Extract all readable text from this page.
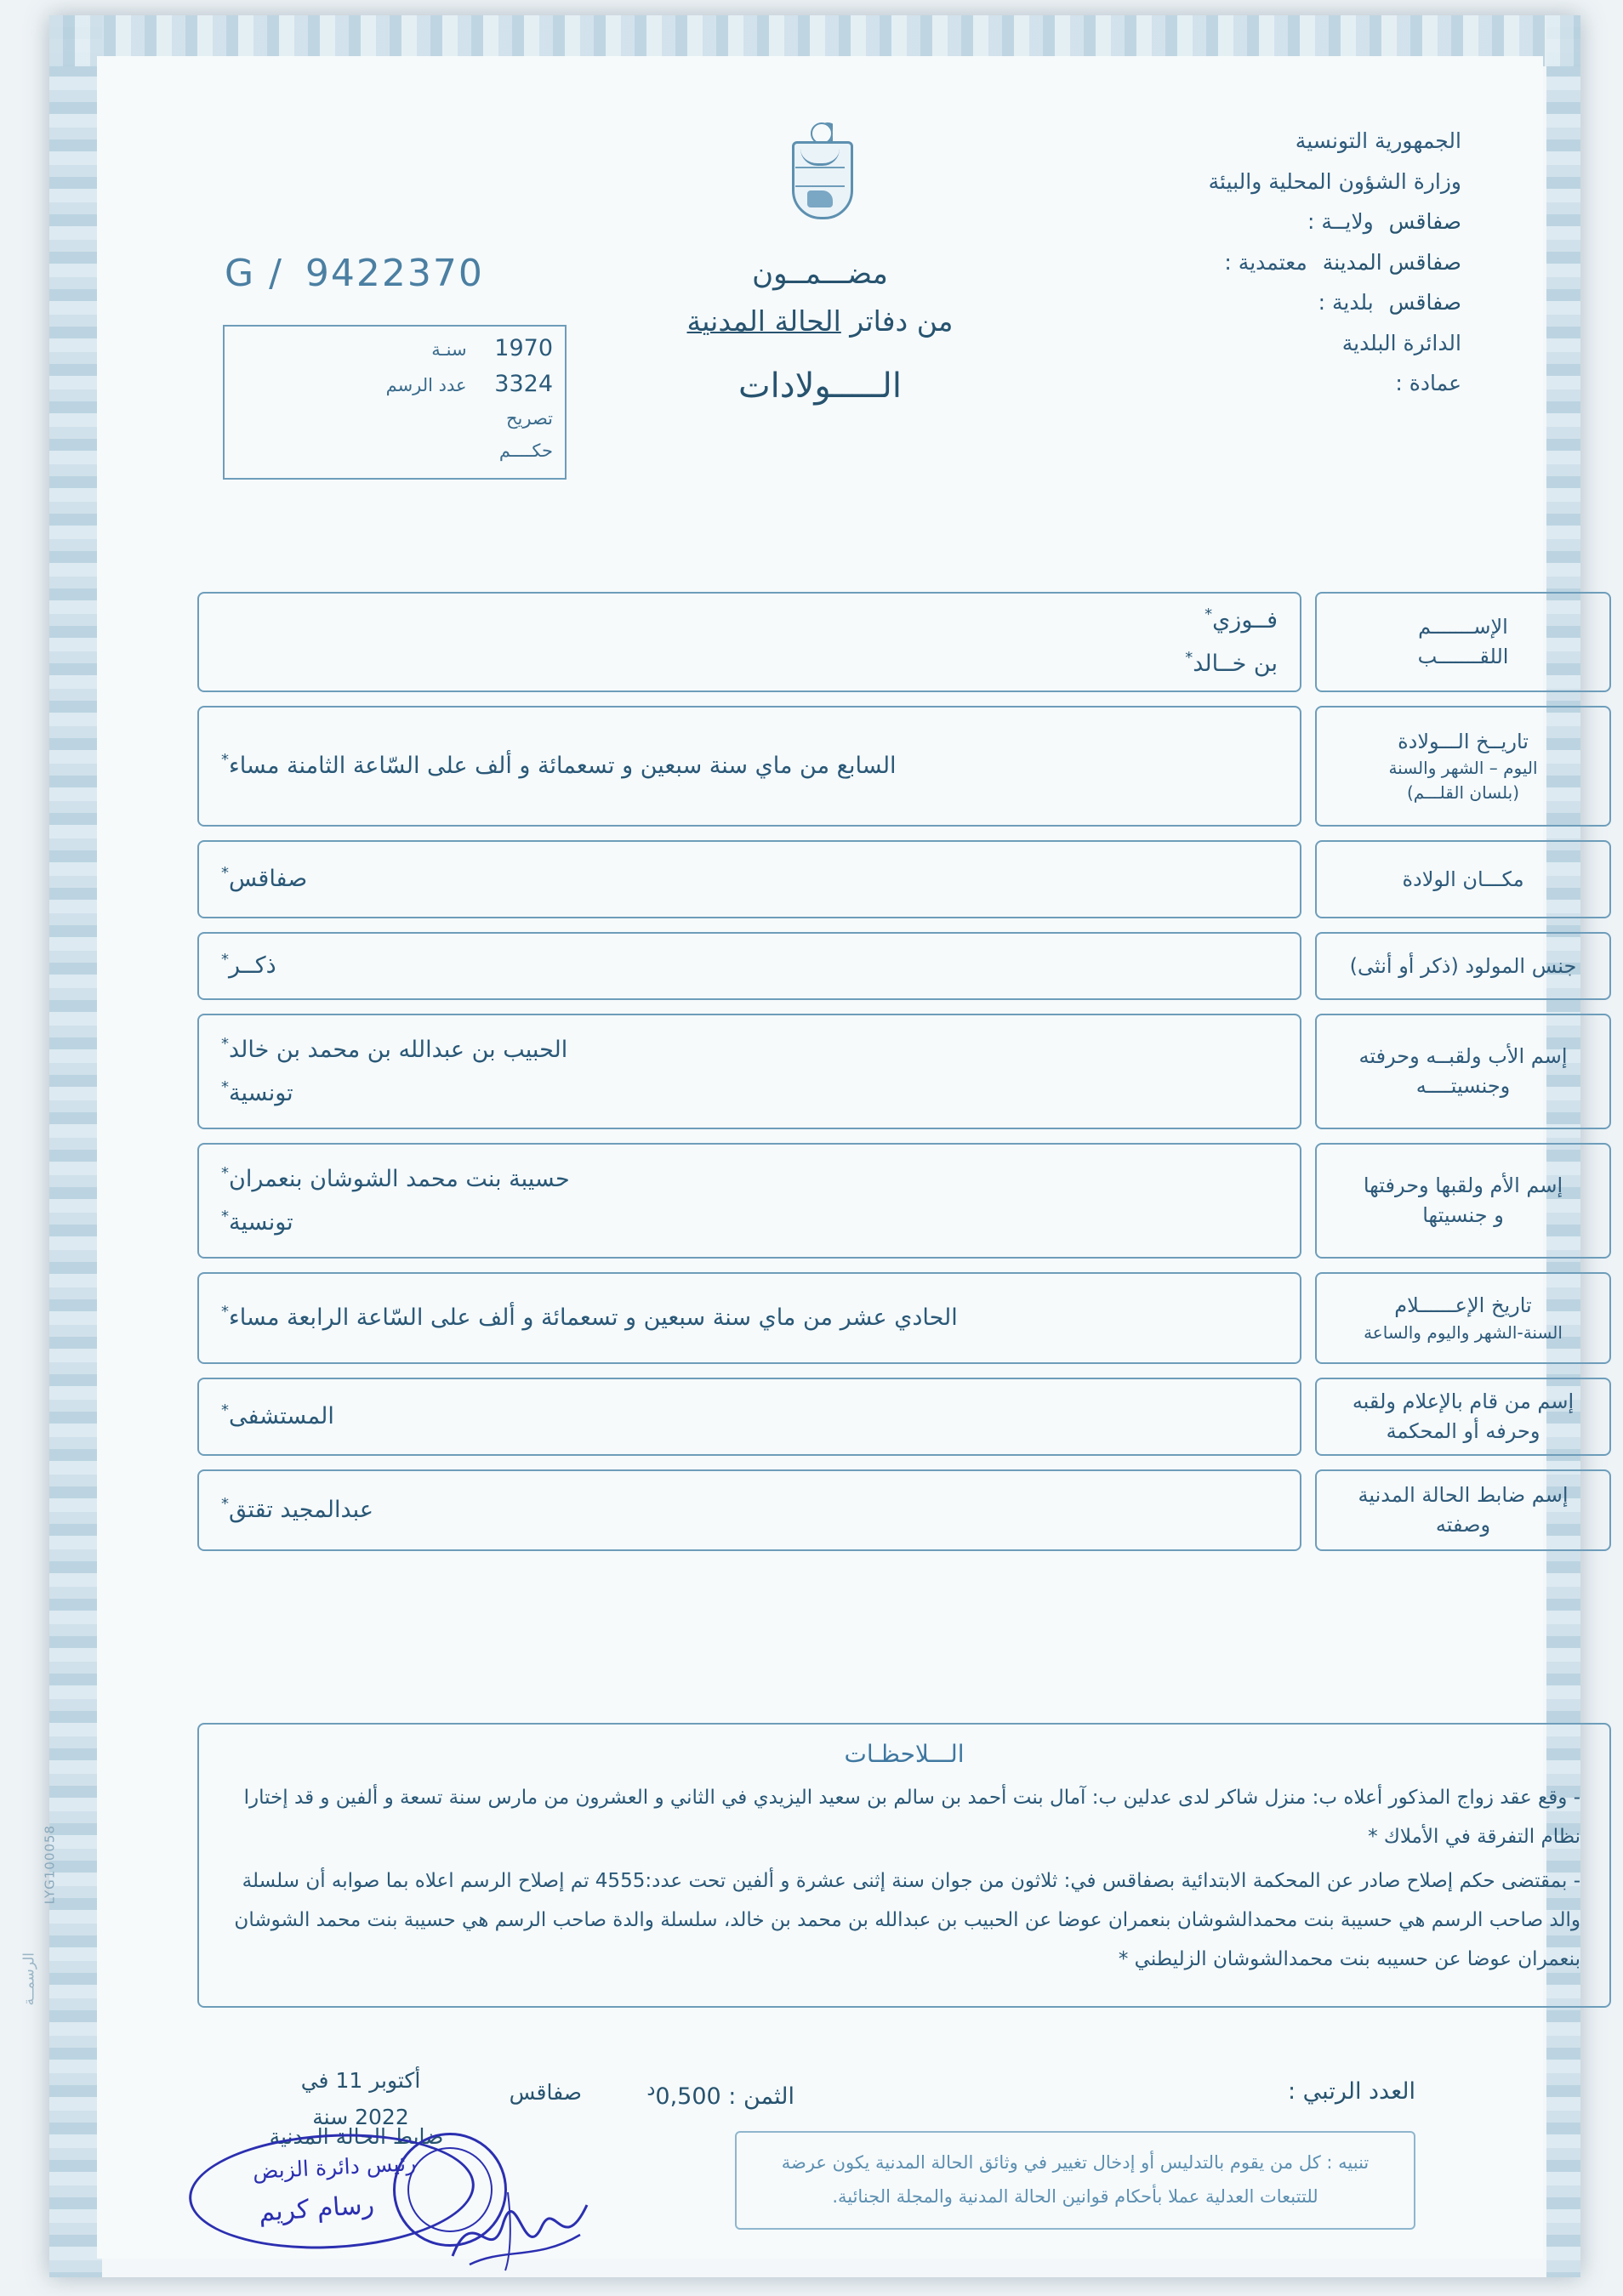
الجمهورية التونسية
وزارة الشؤون المحلية والبيئة
صفاقس ولايــة :
صفاقس المدينة معتمدية :
صفاقس بلدية :
الدائرة البلدية
عمادة :
G / 9422370
1970 سنـة
3324 عدد الرسم
تصريح
حكــــم
مضـــمــون
من دفاتر الحالة المدنية
الـــــولادات
الإســـــــم
اللقـــــــب
فــوزي*
بن خــالد*
تاريــخ الـــولادة
اليوم – الشهر والسنة
(بلسان القلـــم)
السابع من ماي سنة سبعين و تسعمائة و ألف على السّاعة الثامنة مساء*
مكـــان الولادة
صفاقس*
جنس المولود (ذكر أو أنثى)
ذكــر*
إسم الأب ولقبــه وحرفته
وجنسيتــــه
الحبيب بن عبدالله بن محمد بن خالد*
تونسية*
إسم الأم ولقبها وحرفتها
و جنسيتها
حسيبة بنت محمد الشوشان بنعمران*
تونسية*
تاريخ الإعــــــلام
السنة-الشهر واليوم والساعة
الحادي عشر من ماي سنة سبعين و تسعمائة و ألف على السّاعة الرابعة مساء*
إسم من قام بالإعلام ولقبه
وحرفه أو المحكمة
المستشفى*
إسم ضابط الحالة المدنية
وصفته
عبدالمجيد تقتق*
الـــلاحظـات
- وقع عقد زواج المذكور أعلاه ب: منزل شاكر لدى عدلين ب: آمال بنت أحمد بن سالم بن سعيد اليزيدي في الثاني و العشرون من مارس سنة تسعة و ألفين و قد إختارا نظام التفرقة في الأملاك *
- بمقتضى حكم إصلاح صادر عن المحكمة الابتدائية بصفاقس في: ثلاثون من جوان سنة إثنى عشرة و ألفين تحت عدد:4555 تم إصلاح الرسم اعلاه بما صوابه أن سلسلة والد صاحب الرسم هي حسيبة بنت محمدالشوشان بنعمران عوضا عن الحبيب بن عبدالله بن محمد بن خالد، سلسلة والدة صاحب الرسم هي حسيبة بنت محمد الشوشان بنعمران عوضا عن حسيبه بنت محمدالشوشان الزليطني *
العدد الرتبي :
الثمن : $0,500^د$
صفاقس
أكتوبر 11 في
2022 سنة
ضابط الحالة المدنية
تنبيه : كل من يقوم بالتدليس أو إدخال تغيير في وثائق الحالة المدنية يكون عرضة للتتبعات العدلية عملا بأحكام قوانين الحالة المدنية والمجلة الجنائية.
رئيس دائرة الزبض
رسام كريم
LYG100058
الرسمــة
